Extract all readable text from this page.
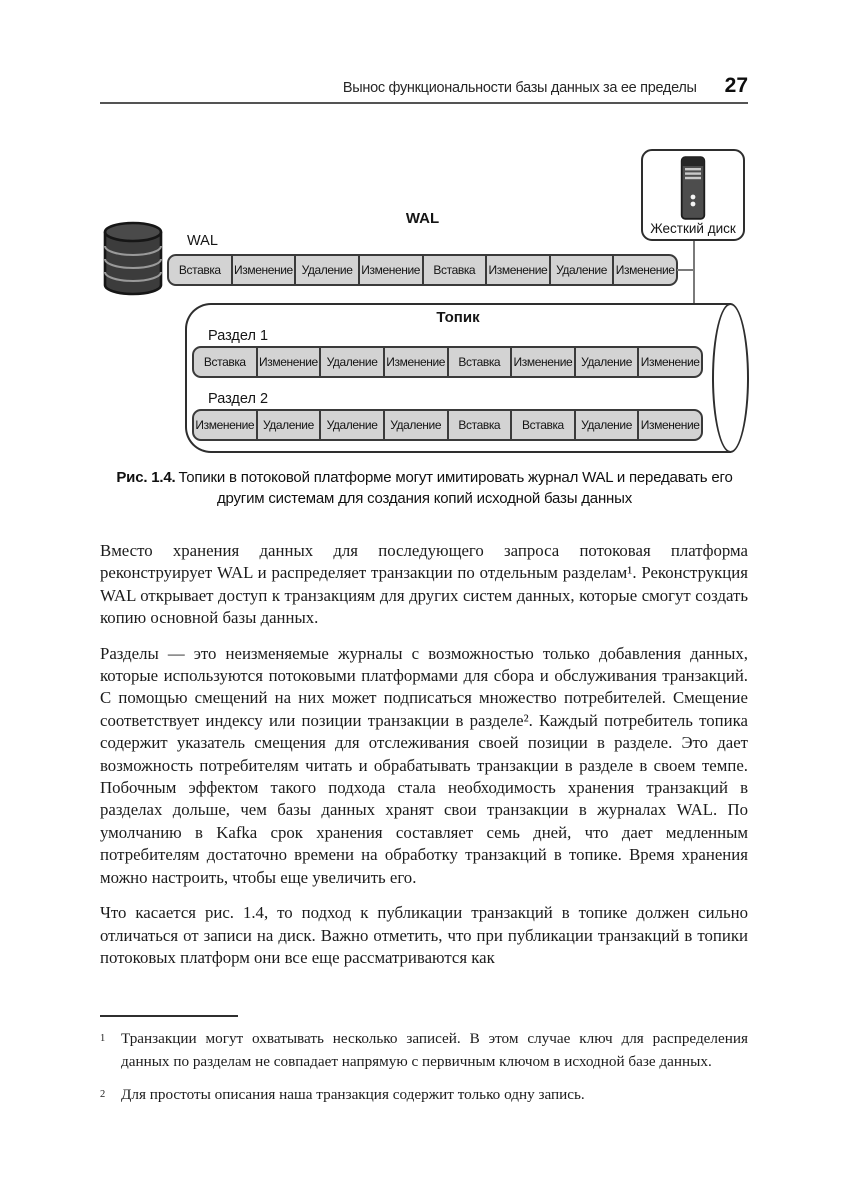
Вынос функциональности базы данных за ее пределы 27
WAL
WAL
Вставка	Изменение Удаление Изменение	Вставка	Изменение Удаление Изменение
Жесткий диск
Топик
Раздел 1
Вставка	Изменение Удаление Изменение	Вставка	Изменение Удаление Изменение
Раздел 2
Изменение Удаление	Удаление	Удаление	Вставка	Вставка	Удаление Изменение
Рис. 1.4. Топики в потоковой платформе могут имитировать журнал WAL и передавать его другим системам для создания копий исходной базы данных

Вместо хранения данных для последующего запроса потоковая платформа реконструирует WAL и распределяет транзакции по отдельным разделам¹. Реконструкция WAL открывает доступ к транзакциям для других систем данных, которые смогут создать копию основной базы данных.

Разделы — это неизменяемые журналы с возможностью только добавления данных, которые используются потоковыми платформами для сбора и обслуживания транзакций. С помощью смещений на них может подписаться множество потребителей. Смещение соответствует индексу или позиции транзакции в разделе². Каждый потребитель топика содержит указатель смещения для отслеживания своей позиции в разделе. Это дает возможность потребителям читать и обрабатывать транзакции в разделе в своем темпе. Побочным эффектом такого подхода стала необходимость хранения транзакций в разделах дольше, чем базы данных хранят свои транзакции в журналах WAL. По умолчанию в Kafka срок хранения составляет семь дней, что дает медленным потребителям достаточно времени на обработку транзакций в топике. Время хранения можно настроить, чтобы еще увеличить его.

Что касается рис. 1.4, то подход к публикации транзакций в топике должен сильно отличаться от записи на диск. Важно отметить, что при публикации транзакций в топики потоковых платформ они все еще рассматриваются как

$^1$	Транзакции могут охватывать несколько записей. В этом случае ключ для распределения данных по разделам не совпадает напрямую с первичным ключом в исходной базе данных.
$^2$	Для простоты описания наша транзакция содержит только одну запись.
